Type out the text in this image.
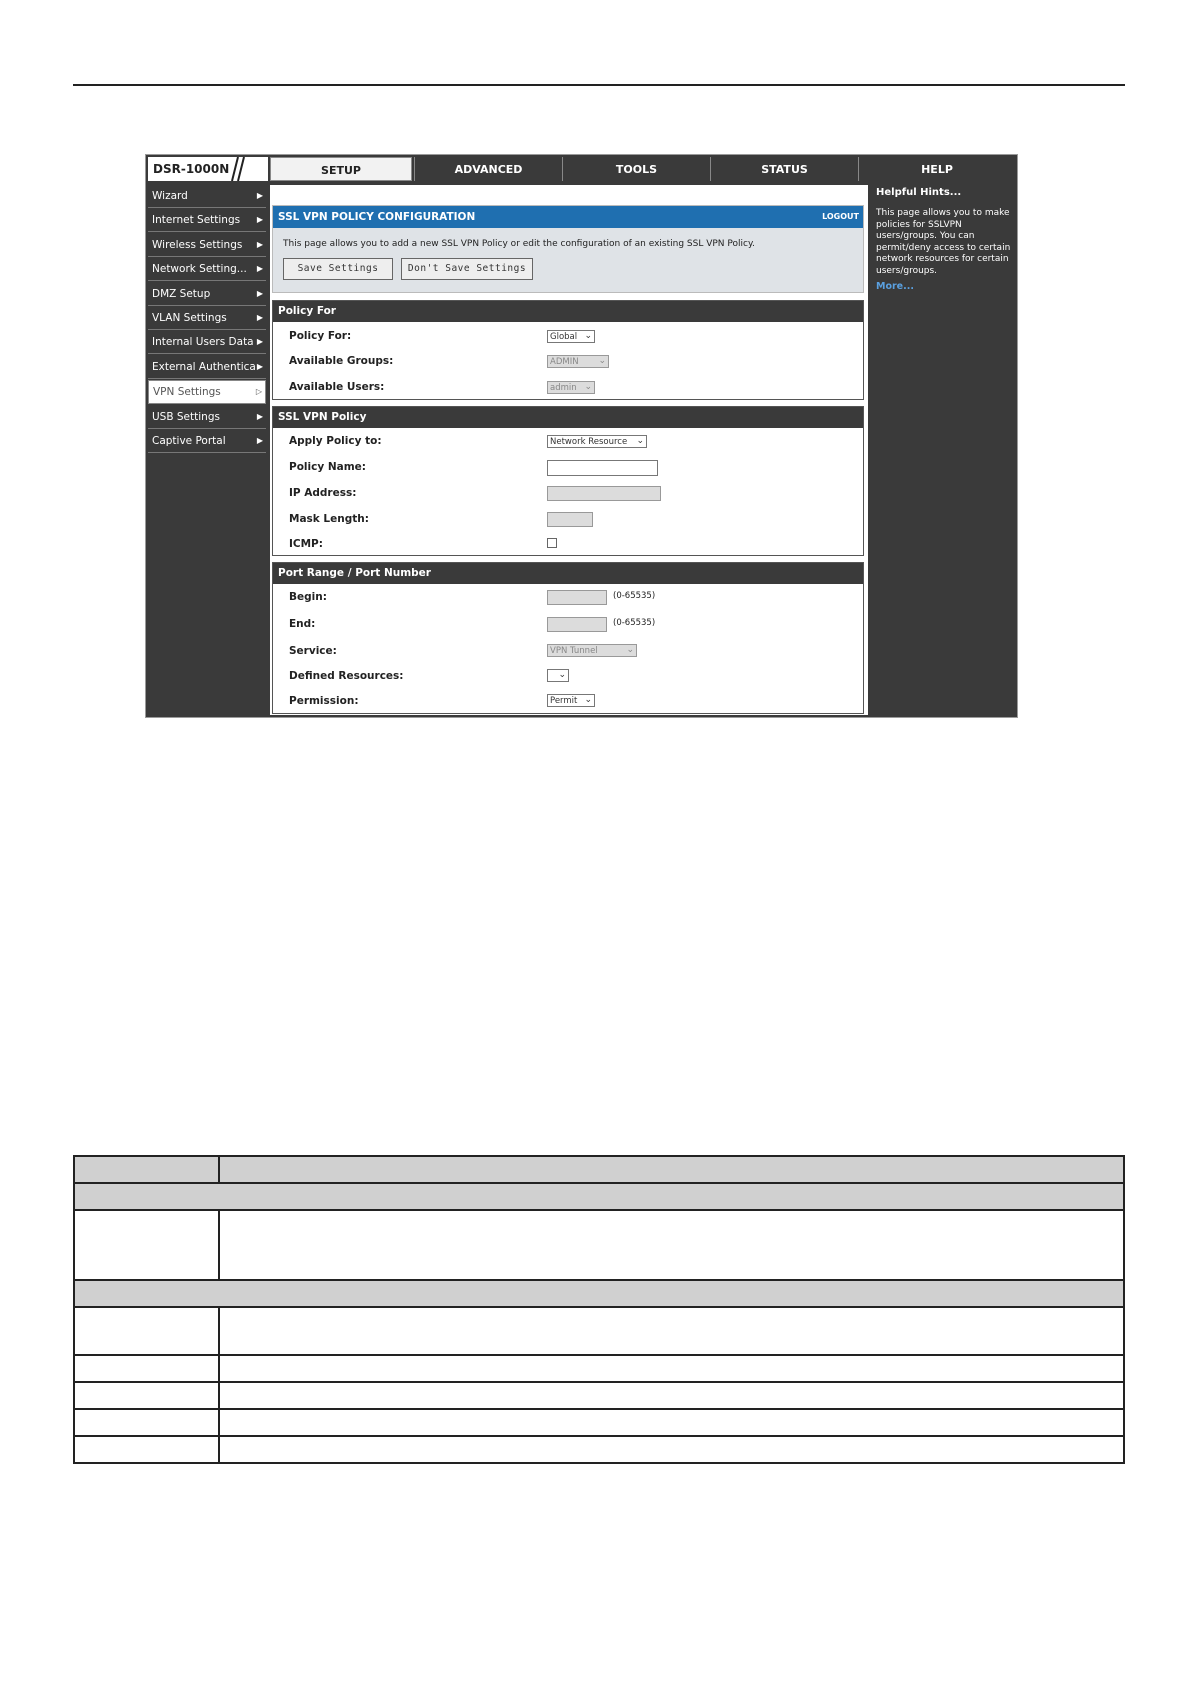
DSR-1000N	SETUP	ADVANCED	TOOLS	STATUS	HELP
Wizard	▶
Internet Settings ▶
Wireless Settings ▶
Network Setting... ▶
DMZ Setup	▶
VLAN Settings	▶
Internal Users Data ▶
External Authentica ▶
VPN Settings	▷
USB Settings	▶
Captive Portal	▶
SSL VPN POLICY CONFIGURATION	LOGOUT
This page allows you to add a new SSL VPN Policy or edit the configuration of an existing SSL VPN Policy.
Save Settings	Don't Save Settings
Policy For
Policy For:	Global ⌄
Available Groups:	ADMIN ⌄
Available Users:	admin ⌄
SSL VPN Policy
Apply Policy to:	Network Resource ⌄
Policy Name:
IP Address:
Mask Length:
ICMP:
Port Range / Port Number
Begin:	(0-65535)
End:	(0-65535)
Service:	VPN Tunnel	⌄
Defined Resources:	⌄
Permission:	Permit ⌄
Helpful Hints...
This page allows you to make policies for SSLVPN users/groups. You can permit/deny access to certain network resources for certain users/groups.
More...
